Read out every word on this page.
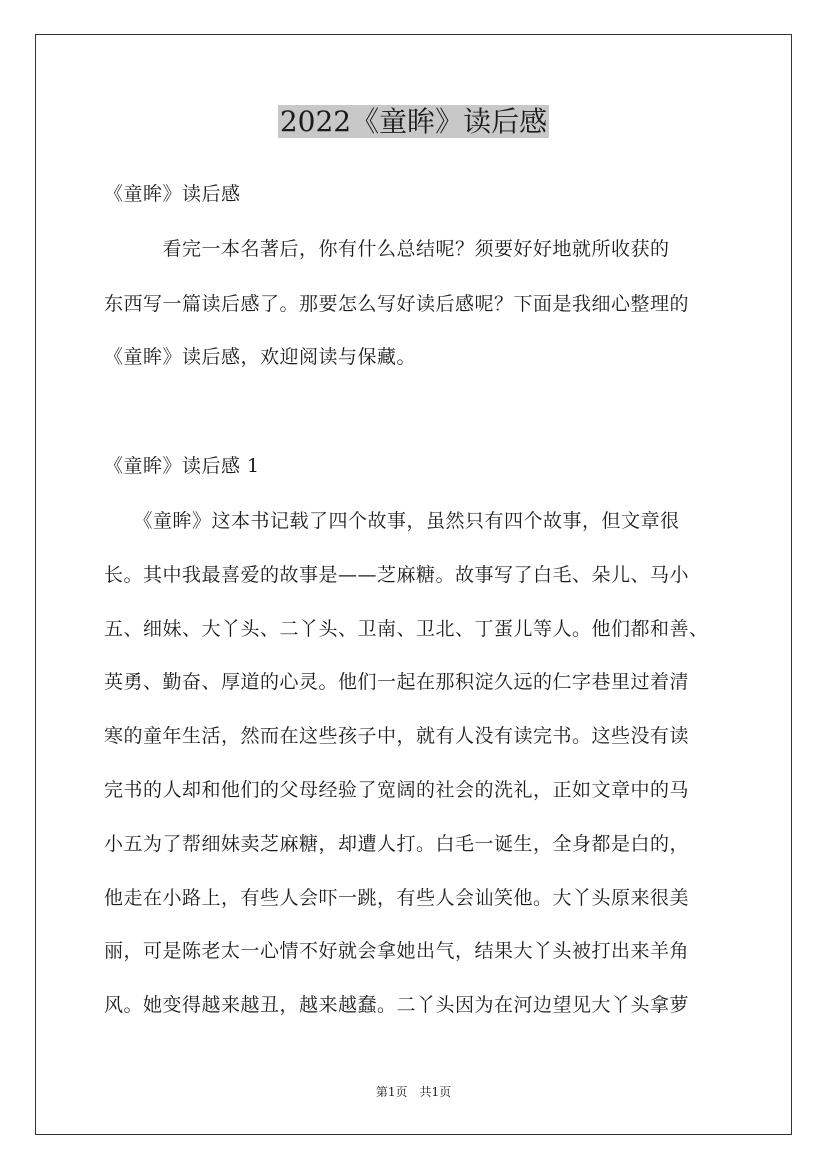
2022《童眸》读后感
《童眸》读后感
　　　看完一本名著后，你有什么总结呢？须要好好地就所收获的
东西写一篇读后感了。那要怎么写好读后感呢？下面是我细心整理的
《童眸》读后感，欢迎阅读与保藏。
《童眸》读后感 1
　　《童眸》这本书记载了四个故事，虽然只有四个故事，但文章很
长。其中我最喜爱的故事是——芝麻糖。故事写了白毛、朵儿、马小
五、细妹、大丫头、二丫头、卫南、卫北、丁蛋儿等人。他们都和善、
英勇、勤奋、厚道的心灵。他们一起在那积淀久远的仁字巷里过着清
寒的童年生活，然而在这些孩子中，就有人没有读完书。这些没有读
完书的人却和他们的父母经验了宽阔的社会的洗礼，正如文章中的马
小五为了帮细妹卖芝麻糖，却遭人打。白毛一诞生，全身都是白的，
他走在小路上，有些人会吓一跳，有些人会讪笑他。大丫头原来很美
丽，可是陈老太一心情不好就会拿她出气，结果大丫头被打出来羊角
风。她变得越来越丑，越来越蠢。二丫头因为在河边望见大丫头拿萝
第1页　共1页
